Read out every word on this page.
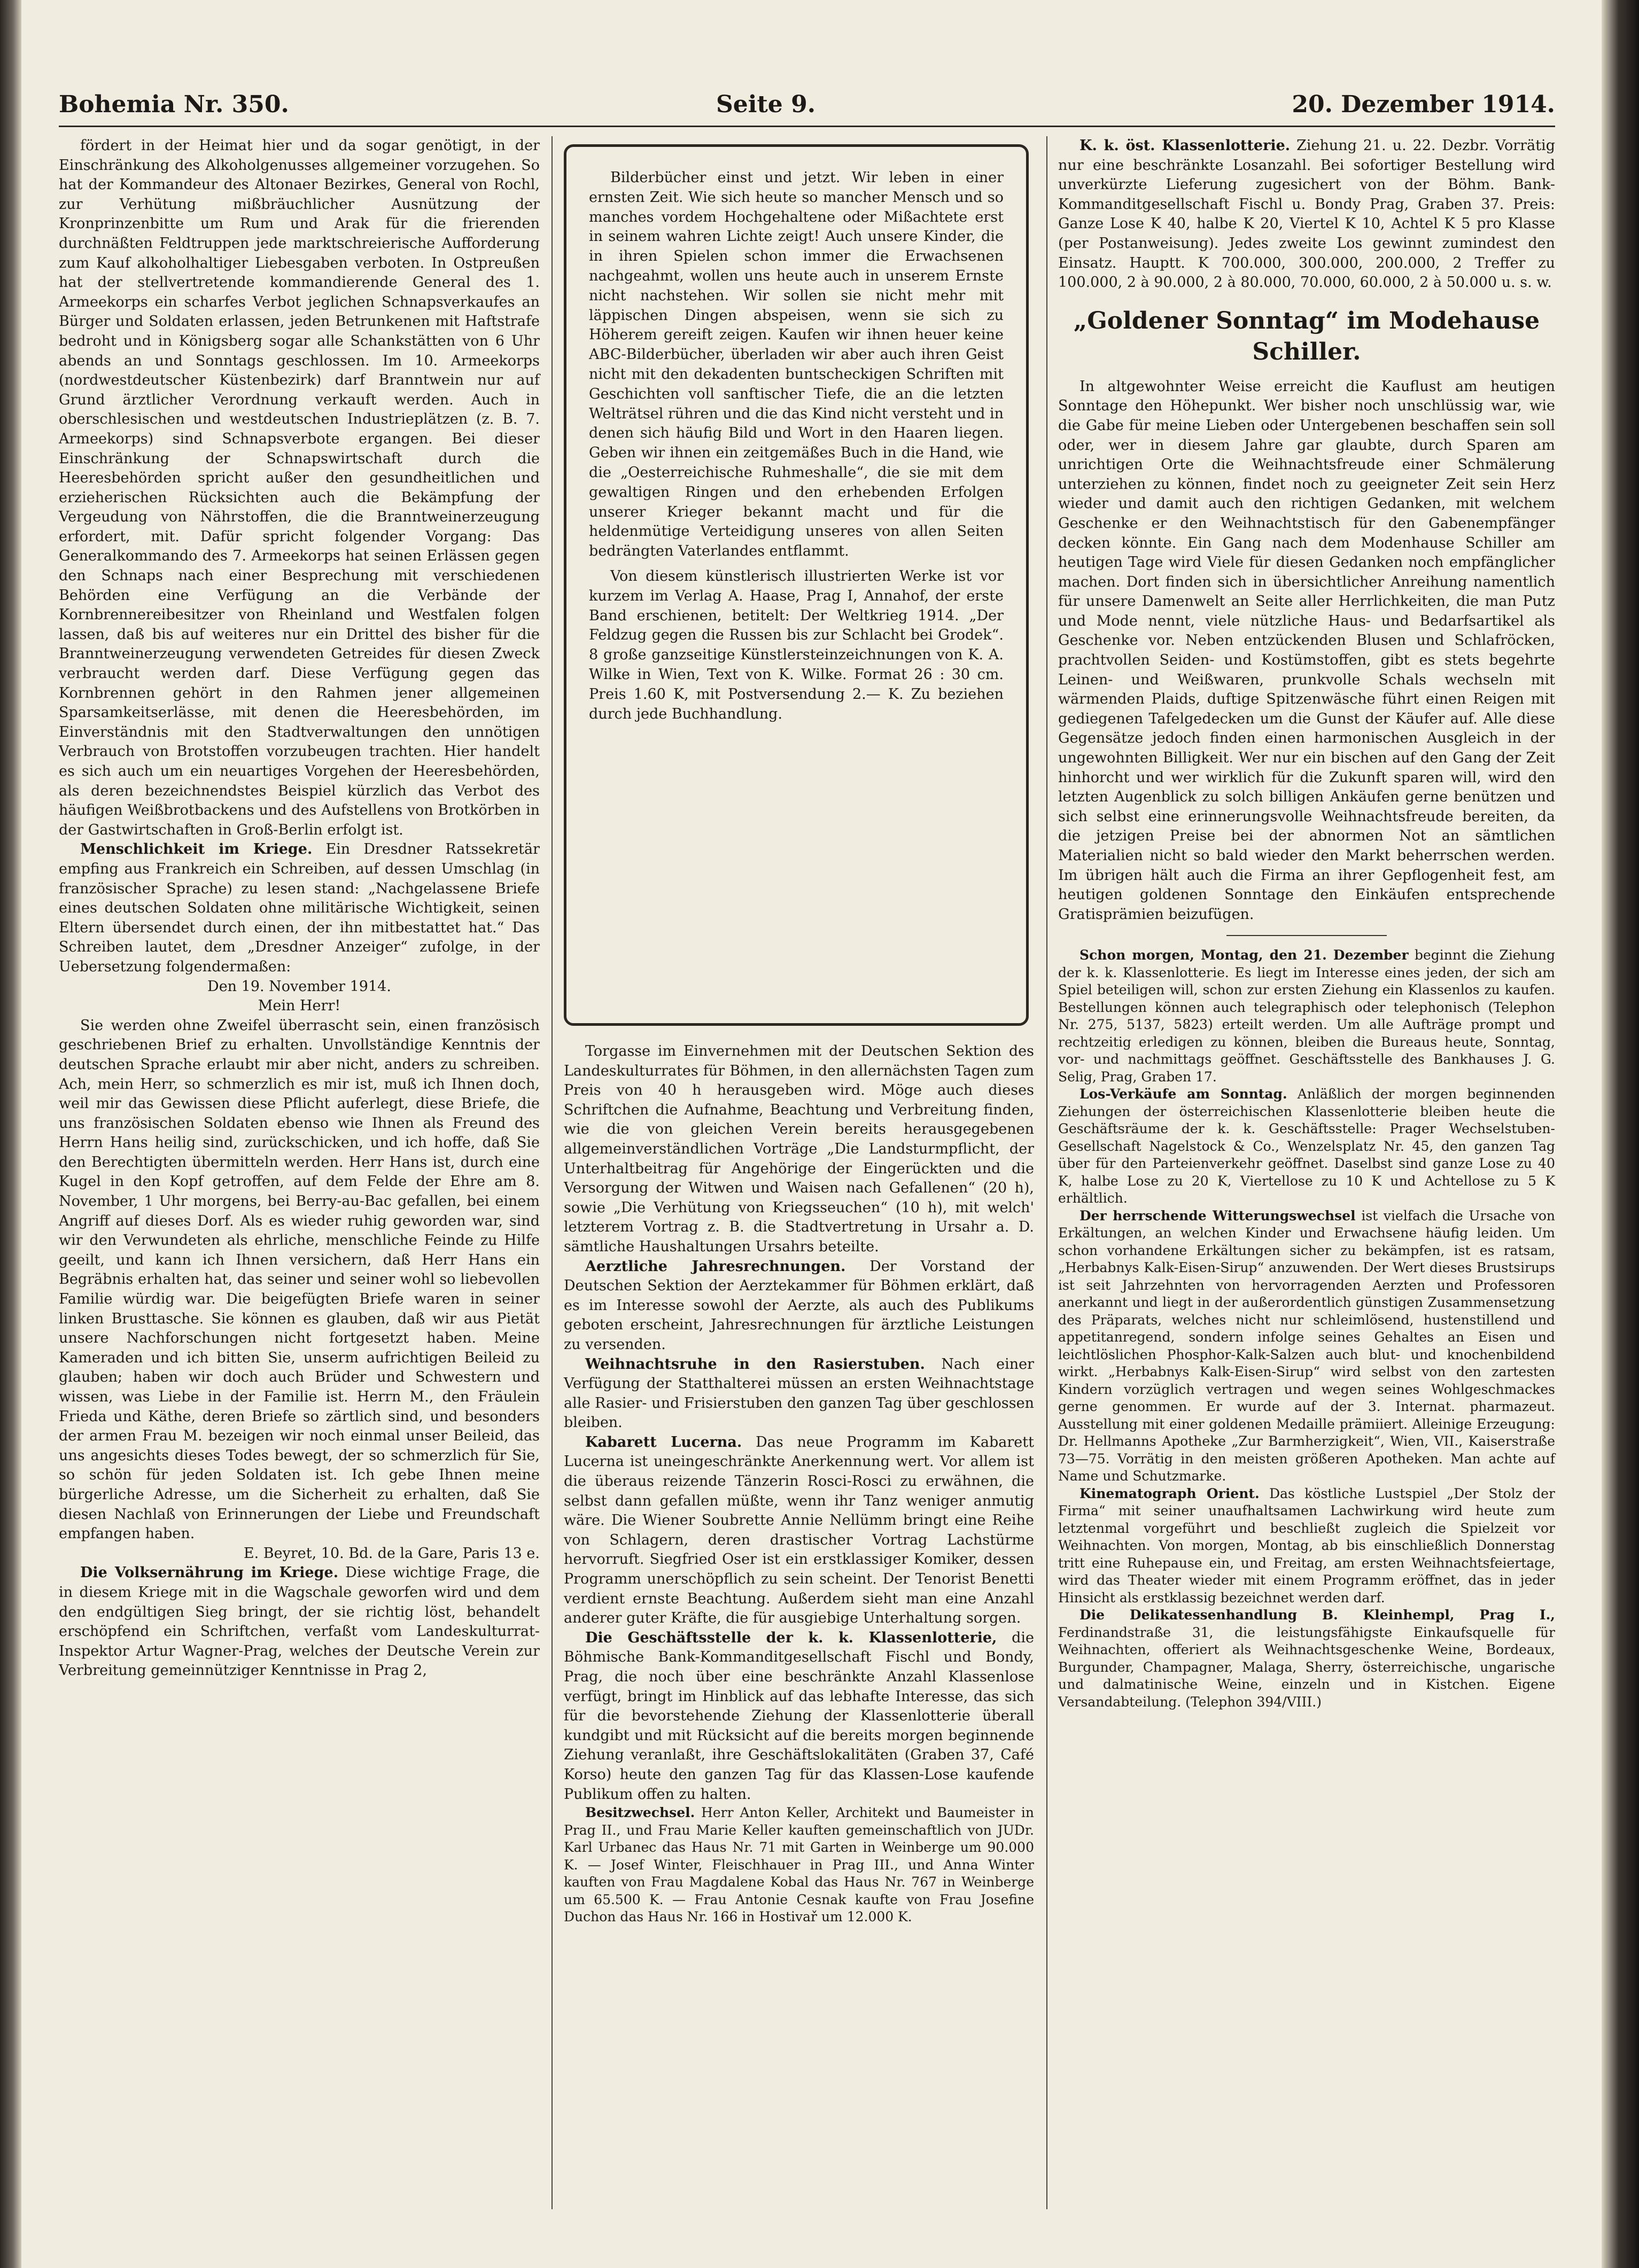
Bohemia Nr. 350.	Seite 9.	20. Dezember 1914.

fördert in der Heimat hier und da sogar genötigt, in der Einschränkung des Alkoholgenusses allgemeiner vorzugehen. So hat der Kommandeur des Altonaer Bezirkes, General von Rochl, zur Verhütung mißbräuchlicher Ausnützung der Kronprinzenbitte um Rum und Arak für die frierenden durchnäßten Feldtruppen jede marktschreierische Aufforderung zum Kauf alkoholhaltiger Liebesgaben verboten. In Ostpreußen hat der stellvertretende kommandierende General des 1. Armeekorps ein scharfes Verbot jeglichen Schnapsverkaufes an Bürger und Soldaten erlassen, jeden Betrunkenen mit Haftstrafe bedroht und in Königsberg sogar alle Schankstätten von 6 Uhr abends an und Sonntags geschlossen. Im 10. Armeekorps (nordwestdeutscher Küstenbezirk) darf Branntwein nur auf Grund ärztlicher Verordnung verkauft werden. Auch in oberschlesischen und westdeutschen Industrieplätzen (z. B. 7. Armeekorps) sind Schnapsverbote ergangen. Bei dieser Einschränkung der Schnapswirtschaft durch die Heeresbehörden spricht außer den gesundheitlichen und erzieherischen Rücksichten auch die Bekämpfung der Vergeudung von Nährstoffen, die die Branntweinerzeugung erfordert, mit. Dafür spricht folgender Vorgang: Das Generalkommando des 7. Armeekorps hat seinen Erlässen gegen den Schnaps nach einer Besprechung mit verschiedenen Behörden eine Verfügung an die Verbände der Kornbrennereibesitzer von Rheinland und Westfalen folgen lassen, daß bis auf weiteres nur ein Drittel des bisher für die Branntweinerzeugung verwendeten Getreides für diesen Zweck verbraucht werden darf. Diese Verfügung gegen das Kornbrennen gehört in den Rahmen jener allgemeinen Sparsamkeitserlässe, mit denen die Heeresbehörden, im Einverständnis mit den Stadtverwaltungen den unnötigen Verbrauch von Brotstoffen vorzubeugen trachten. Hier handelt es sich auch um ein neuartiges Vorgehen der Heeresbehörden, als deren bezeichnendstes Beispiel kürzlich das Verbot des häufigen Weißbrotbackens und des Aufstellens von Brotkörben in der Gastwirtschaften in Groß-Berlin erfolgt ist.

Menschlichkeit im Kriege. Ein Dresdner Ratssekretär empfing aus Frankreich ein Schreiben, auf dessen Umschlag (in französischer Sprache) zu lesen stand: „Nachgelassene Briefe eines deutschen Soldaten ohne militärische Wichtigkeit, seinen Eltern übersendet durch einen, der ihn mitbestattet hat.“ Das Schreiben lautet, dem „Dresdner Anzeiger“ zufolge, in der Uebersetzung folgendermaßen:

Den 19. November 1914.

Mein Herr!

Sie werden ohne Zweifel überrascht sein, einen französisch geschriebenen Brief zu erhalten. Unvollständige Kenntnis der deutschen Sprache erlaubt mir aber nicht, anders zu schreiben. Ach, mein Herr, so schmerzlich es mir ist, muß ich Ihnen doch, weil mir das Gewissen diese Pflicht auferlegt, diese Briefe, die uns französischen Soldaten ebenso wie Ihnen als Freund des Herrn Hans heilig sind, zurückschicken, und ich hoffe, daß Sie den Berechtigten übermitteln werden. Herr Hans ist, durch eine Kugel in den Kopf getroffen, auf dem Felde der Ehre am 8. November, 1 Uhr morgens, bei Berry-au-Bac gefallen, bei einem Angriff auf dieses Dorf. Als es wieder ruhig geworden war, sind wir den Verwundeten als ehrliche, menschliche Feinde zu Hilfe geeilt, und kann ich Ihnen versichern, daß Herr Hans ein Begräbnis erhalten hat, das seiner und seiner wohl so liebevollen Familie würdig war. Die beigefügten Briefe waren in seiner linken Brusttasche. Sie können es glauben, daß wir aus Pietät unsere Nachforschungen nicht fortgesetzt haben. Meine Kameraden und ich bitten Sie, unserm aufrichtigen Beileid zu glauben; haben wir doch auch Brüder und Schwestern und wissen, was Liebe in der Familie ist. Herrn M., den Fräulein Frieda und Käthe, deren Briefe so zärtlich sind, und besonders der armen Frau M. bezeigen wir noch einmal unser Beileid, das uns angesichts dieses Todes bewegt, der so schmerzlich für Sie, so schön für jeden Soldaten ist. Ich gebe Ihnen meine bürgerliche Adresse, um die Sicherheit zu erhalten, daß Sie diesen Nachlaß von Erinnerungen der Liebe und Freundschaft empfangen haben.

E. Beyret, 10. Bd. de la Gare, Paris 13 e.

Die Volksernährung im Kriege. Diese wichtige Frage, die in diesem Kriege mit in die Wagschale geworfen wird und dem den endgültigen Sieg bringt, der sie richtig löst, behandelt erschöpfend ein Schriftchen, verfaßt vom Landeskulturrat-Inspektor Artur Wagner-Prag, welches der Deutsche Verein zur Verbreitung gemeinnütziger Kenntnisse in Prag 2,

Bilderbücher einst und jetzt. Wir leben in einer ernsten Zeit. Wie sich heute so mancher Mensch und so manches vordem Hochgehaltene oder Mißachtete erst in seinem wahren Lichte zeigt! Auch unsere Kinder, die in ihren Spielen schon immer die Erwachsenen nachgeahmt, wollen uns heute auch in unserem Ernste nicht nachstehen. Wir sollen sie nicht mehr mit läppischen Dingen abspeisen, wenn sie sich zu Höherem gereift zeigen. Kaufen wir ihnen heuer keine ABC-Bilderbücher, überladen wir aber auch ihren Geist nicht mit den dekadenten buntscheckigen Schriften mit Geschichten voll sanftischer Tiefe, die an die letzten Welträtsel rühren und die das Kind nicht versteht und in denen sich häufig Bild und Wort in den Haaren liegen. Geben wir ihnen ein zeitgemäßes Buch in die Hand, wie die „Oesterreichische Ruhmeshalle“, die sie mit dem gewaltigen Ringen und den erhebenden Erfolgen unserer Krieger bekannt macht und für die heldenmütige Verteidigung unseres von allen Seiten bedrängten Vaterlandes entflammt.

Von diesem künstlerisch illustrierten Werke ist vor kurzem im Verlag A. Haase, Prag I, Annahof, der erste Band erschienen, betitelt: Der Weltkrieg 1914. „Der Feldzug gegen die Russen bis zur Schlacht bei Grodek“. 8 große ganzseitige Künstlersteinzeichnungen von K. A. Wilke in Wien, Text von K. Wilke. Format 26 : 30 cm. Preis 1.60 K, mit Postversendung 2.— K. Zu beziehen durch jede Buchhandlung.

Torgasse im Einvernehmen mit der Deutschen Sektion des Landeskulturrates für Böhmen, in den allernächsten Tagen zum Preis von 40 h herausgeben wird. Möge auch dieses Schriftchen die Aufnahme, Beachtung und Verbreitung finden, wie die von gleichen Verein bereits herausgegebenen allgemeinverständlichen Vorträge „Die Landsturmpflicht, der Unterhaltbeitrag für Angehörige der Eingerückten und die Versorgung der Witwen und Waisen nach Gefallenen“ (20 h), sowie „Die Verhütung von Kriegsseuchen“ (10 h), mit welch' letzterem Vortrag z. B. die Stadtvertretung in Ursahr a. D. sämtliche Haushaltungen Ursahrs beteilte.

Aerztliche Jahresrechnungen. Der Vorstand der Deutschen Sektion der Aerztekammer für Böhmen erklärt, daß es im Interesse sowohl der Aerzte, als auch des Publikums geboten erscheint, Jahresrechnungen für ärztliche Leistungen zu versenden.

Weihnachtsruhe in den Rasierstuben. Nach einer Verfügung der Statthalterei müssen an ersten Weihnachtstage alle Rasier- und Frisierstuben den ganzen Tag über geschlossen bleiben.

Kabarett Lucerna. Das neue Programm im Kabarett Lucerna ist uneingeschränkte Anerkennung wert. Vor allem ist die überaus reizende Tänzerin Rosci-Rosci zu erwähnen, die selbst dann gefallen müßte, wenn ihr Tanz weniger anmutig wäre. Die Wiener Soubrette Annie Nellümm bringt eine Reihe von Schlagern, deren drastischer Vortrag Lachstürme hervorruft. Siegfried Oser ist ein erstklassiger Komiker, dessen Programm unerschöpflich zu sein scheint. Der Tenorist Benetti verdient ernste Beachtung. Außerdem sieht man eine Anzahl anderer guter Kräfte, die für ausgiebige Unterhaltung sorgen.

Die Geschäftsstelle der k. k. Klassenlotterie, die Böhmische Bank-Kommanditgesellschaft Fischl und Bondy, Prag, die noch über eine beschränkte Anzahl Klassenlose verfügt, bringt im Hinblick auf das lebhafte Interesse, das sich für die bevorstehende Ziehung der Klassenlotterie überall kundgibt und mit Rücksicht auf die bereits morgen beginnende Ziehung veranlaßt, ihre Geschäftslokalitäten (Graben 37, Café Korso) heute den ganzen Tag für das Klassen-Lose kaufende Publikum offen zu halten.

Besitzwechsel. Herr Anton Keller, Architekt und Baumeister in Prag II., und Frau Marie Keller kauften gemeinschaftlich von JUDr. Karl Urbanec das Haus Nr. 71 mit Garten in Weinberge um 90.000 K. — Josef Winter, Fleischhauer in Prag III., und Anna Winter kauften von Frau Magdalene Kobal das Haus Nr. 767 in Weinberge um 65.500 K. — Frau Antonie Cesnak kaufte von Frau Josefine Duchon das Haus Nr. 166 in Hostivař um 12.000 K.

K. k. öst. Klassenlotterie. Ziehung 21. u. 22. Dezbr. Vorrätig nur eine beschränkte Losanzahl. Bei sofortiger Bestellung wird unverkürzte Lieferung zugesichert von der Böhm. Bank-Kommanditgesellschaft Fischl u. Bondy Prag, Graben 37. Preis: Ganze Lose K 40, halbe K 20, Viertel K 10, Achtel K 5 pro Klasse (per Postanweisung). Jedes zweite Los gewinnt zumindest den Einsatz. Hauptt. K 700.000, 300.000, 200.000, 2 Treffer zu 100.000, 2 à 90.000, 2 à 80.000, 70.000, 60.000, 2 à 50.000 u. s. w.

„Goldener Sonntag“ im Modehause Schiller.

In altgewohnter Weise erreicht die Kauflust am heutigen Sonntage den Höhepunkt. Wer bisher noch unschlüssig war, wie die Gabe für meine Lieben oder Untergebenen beschaffen sein soll oder, wer in diesem Jahre gar glaubte, durch Sparen am unrichtigen Orte die Weihnachtsfreude einer Schmälerung unterziehen zu können, findet noch zu geeigneter Zeit sein Herz wieder und damit auch den richtigen Gedanken, mit welchem Geschenke er den Weihnachtstisch für den Gabenempfänger decken könnte. Ein Gang nach dem Modenhause Schiller am heutigen Tage wird Viele für diesen Gedanken noch empfänglicher machen. Dort finden sich in übersichtlicher Anreihung namentlich für unsere Damenwelt an Seite aller Herrlichkeiten, die man Putz und Mode nennt, viele nützliche Haus- und Bedarfsartikel als Geschenke vor. Neben entzückenden Blusen und Schlafröcken, prachtvollen Seiden- und Kostümstoffen, gibt es stets begehrte Leinen- und Weißwaren, prunkvolle Schals wechseln mit wärmenden Plaids, duftige Spitzenwäsche führt einen Reigen mit gediegenen Tafelgedecken um die Gunst der Käufer auf. Alle diese Gegensätze jedoch finden einen harmonischen Ausgleich in der ungewohnten Billigkeit. Wer nur ein bischen auf den Gang der Zeit hinhorcht und wer wirklich für die Zukunft sparen will, wird den letzten Augenblick zu solch billigen Ankäufen gerne benützen und sich selbst eine erinnerungsvolle Weihnachtsfreude bereiten, da die jetzigen Preise bei der abnormen Not an sämtlichen Materialien nicht so bald wieder den Markt beherrschen werden. Im übrigen hält auch die Firma an ihrer Gepflogenheit fest, am heutigen goldenen Sonntage den Einkäufen entsprechende Gratisprämien beizufügen.

Schon morgen, Montag, den 21. Dezember beginnt die Ziehung der k. k. Klassenlotterie. Es liegt im Interesse eines jeden, der sich am Spiel beteiligen will, schon zur ersten Ziehung ein Klassenlos zu kaufen. Bestellungen können auch telegraphisch oder telephonisch (Telephon Nr. 275, 5137, 5823) erteilt werden. Um alle Aufträge prompt und rechtzeitig erledigen zu können, bleiben die Bureaus heute, Sonntag, vor- und nachmittags geöffnet. Geschäftsstelle des Bankhauses J. G. Selig, Prag, Graben 17.

Los-Verkäufe am Sonntag. Anläßlich der morgen beginnenden Ziehungen der österreichischen Klassenlotterie bleiben heute die Geschäftsräume der k. k. Geschäftsstelle: Prager Wechselstuben-Gesellschaft Nagelstock & Co., Wenzelsplatz Nr. 45, den ganzen Tag über für den Parteienverkehr geöffnet. Daselbst sind ganze Lose zu 40 K, halbe Lose zu 20 K, Viertellose zu 10 K und Achtellose zu 5 K erhältlich.

Der herrschende Witterungswechsel ist vielfach die Ursache von Erkältungen, an welchen Kinder und Erwachsene häufig leiden. Um schon vorhandene Erkältungen sicher zu bekämpfen, ist es ratsam, „Herbabnys Kalk-Eisen-Sirup“ anzuwenden. Der Wert dieses Brustsirups ist seit Jahrzehnten von hervorragenden Aerzten und Professoren anerkannt und liegt in der außerordentlich günstigen Zusammensetzung des Präparats, welches nicht nur schleimlösend, hustenstillend und appetitanregend, sondern infolge seines Gehaltes an Eisen und leichtlöslichen Phosphor-Kalk-Salzen auch blut- und knochenbildend wirkt. „Herbabnys Kalk-Eisen-Sirup“ wird selbst von den zartesten Kindern vorzüglich vertragen und wegen seines Wohlgeschmackes gerne genommen. Er wurde auf der 3. Internat. pharmazeut. Ausstellung mit einer goldenen Medaille prämiiert. Alleinige Erzeugung: Dr. Hellmanns Apotheke „Zur Barmherzigkeit“, Wien, VII., Kaiserstraße 73—75. Vorrätig in den meisten größeren Apotheken. Man achte auf Name und Schutzmarke.

Kinematograph Orient. Das köstliche Lustspiel „Der Stolz der Firma“ mit seiner unaufhaltsamen Lachwirkung wird heute zum letztenmal vorgeführt und beschließt zugleich die Spielzeit vor Weihnachten. Von morgen, Montag, ab bis einschließlich Donnerstag tritt eine Ruhepause ein, und Freitag, am ersten Weihnachtsfeiertage, wird das Theater wieder mit einem Programm eröffnet, das in jeder Hinsicht als erstklassig bezeichnet werden darf.

Die Delikatessenhandlung B. Kleinhempl, Prag I., Ferdinandstraße 31, die leistungsfähigste Einkaufsquelle für Weihnachten, offeriert als Weihnachtsgeschenke Weine, Bordeaux, Burgunder, Champagner, Malaga, Sherry, österreichische, ungarische und dalmatinische Weine, einzeln und in Kistchen. Eigene Versandabteilung. (Telephon 394/VIII.)
